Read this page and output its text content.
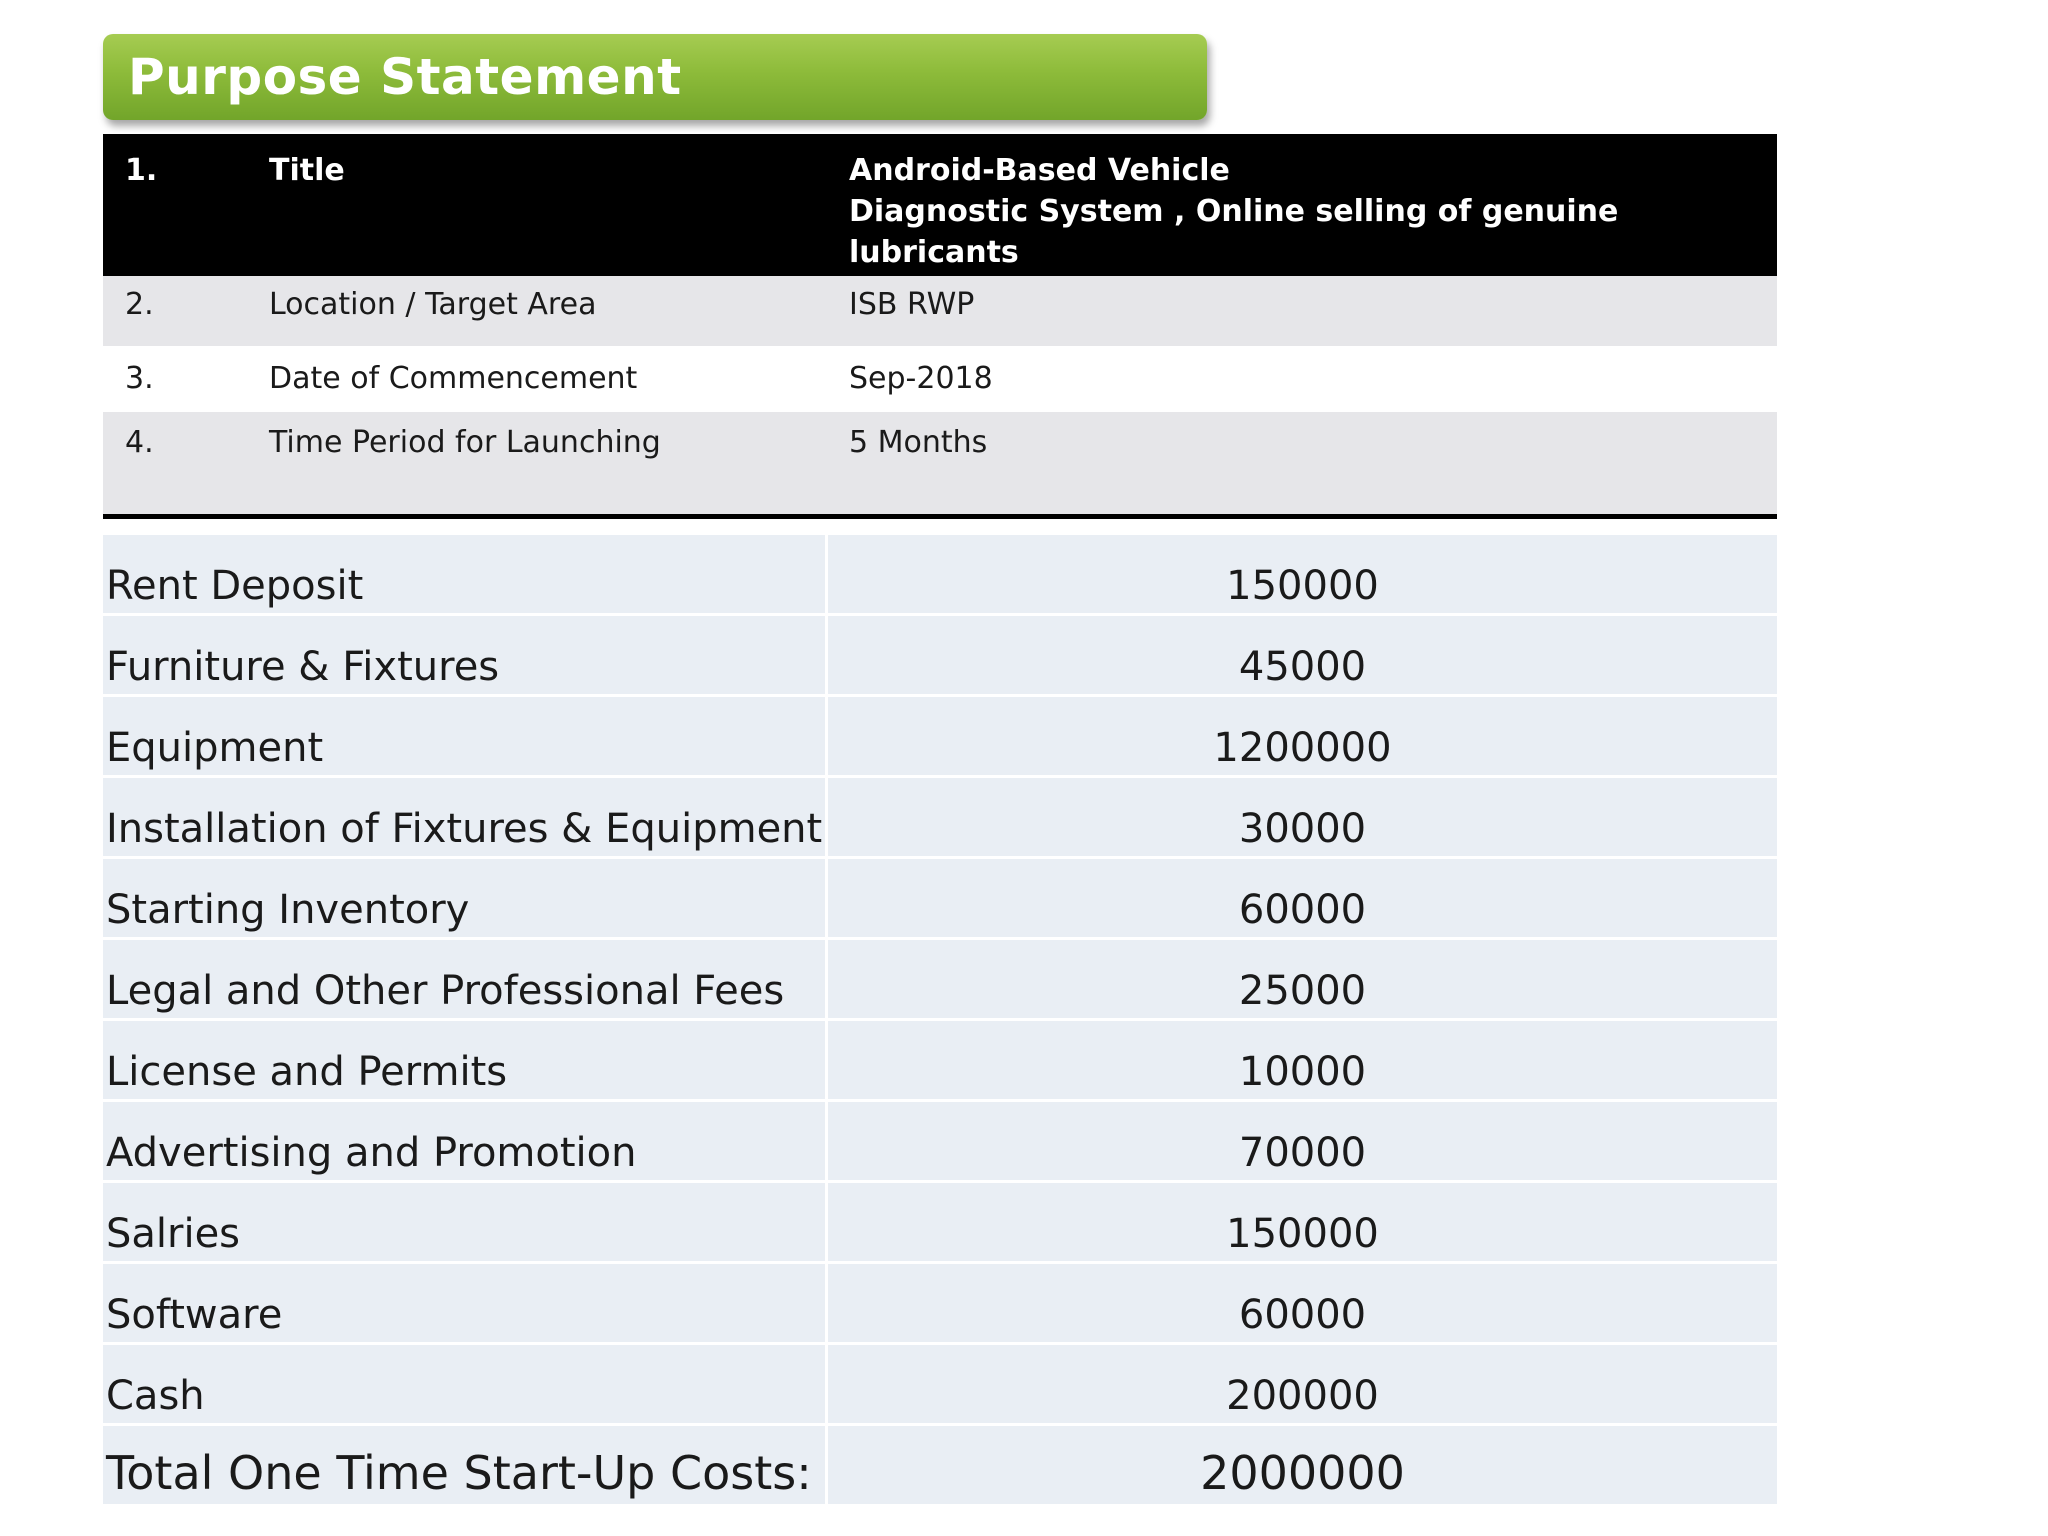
Purpose Statement
1.	Title	Android-Based Vehicle
Diagnostic System , Online selling of genuine lubricants
2.	Location / Target Area	ISB RWP
3.	Date of Commencement	Sep-2018
4.	Time Period for Launching	5 Months
Rent Deposit	150000
Furniture & Fixtures	45000
Equipment	1200000
Installation of Fixtures & Equipment	30000
Starting Inventory	60000
Legal and Other Professional Fees	25000
License and Permits	10000
Advertising and Promotion	70000
Salries	150000
Software	60000
Cash	200000
Total One Time Start-Up Costs:	2000000
